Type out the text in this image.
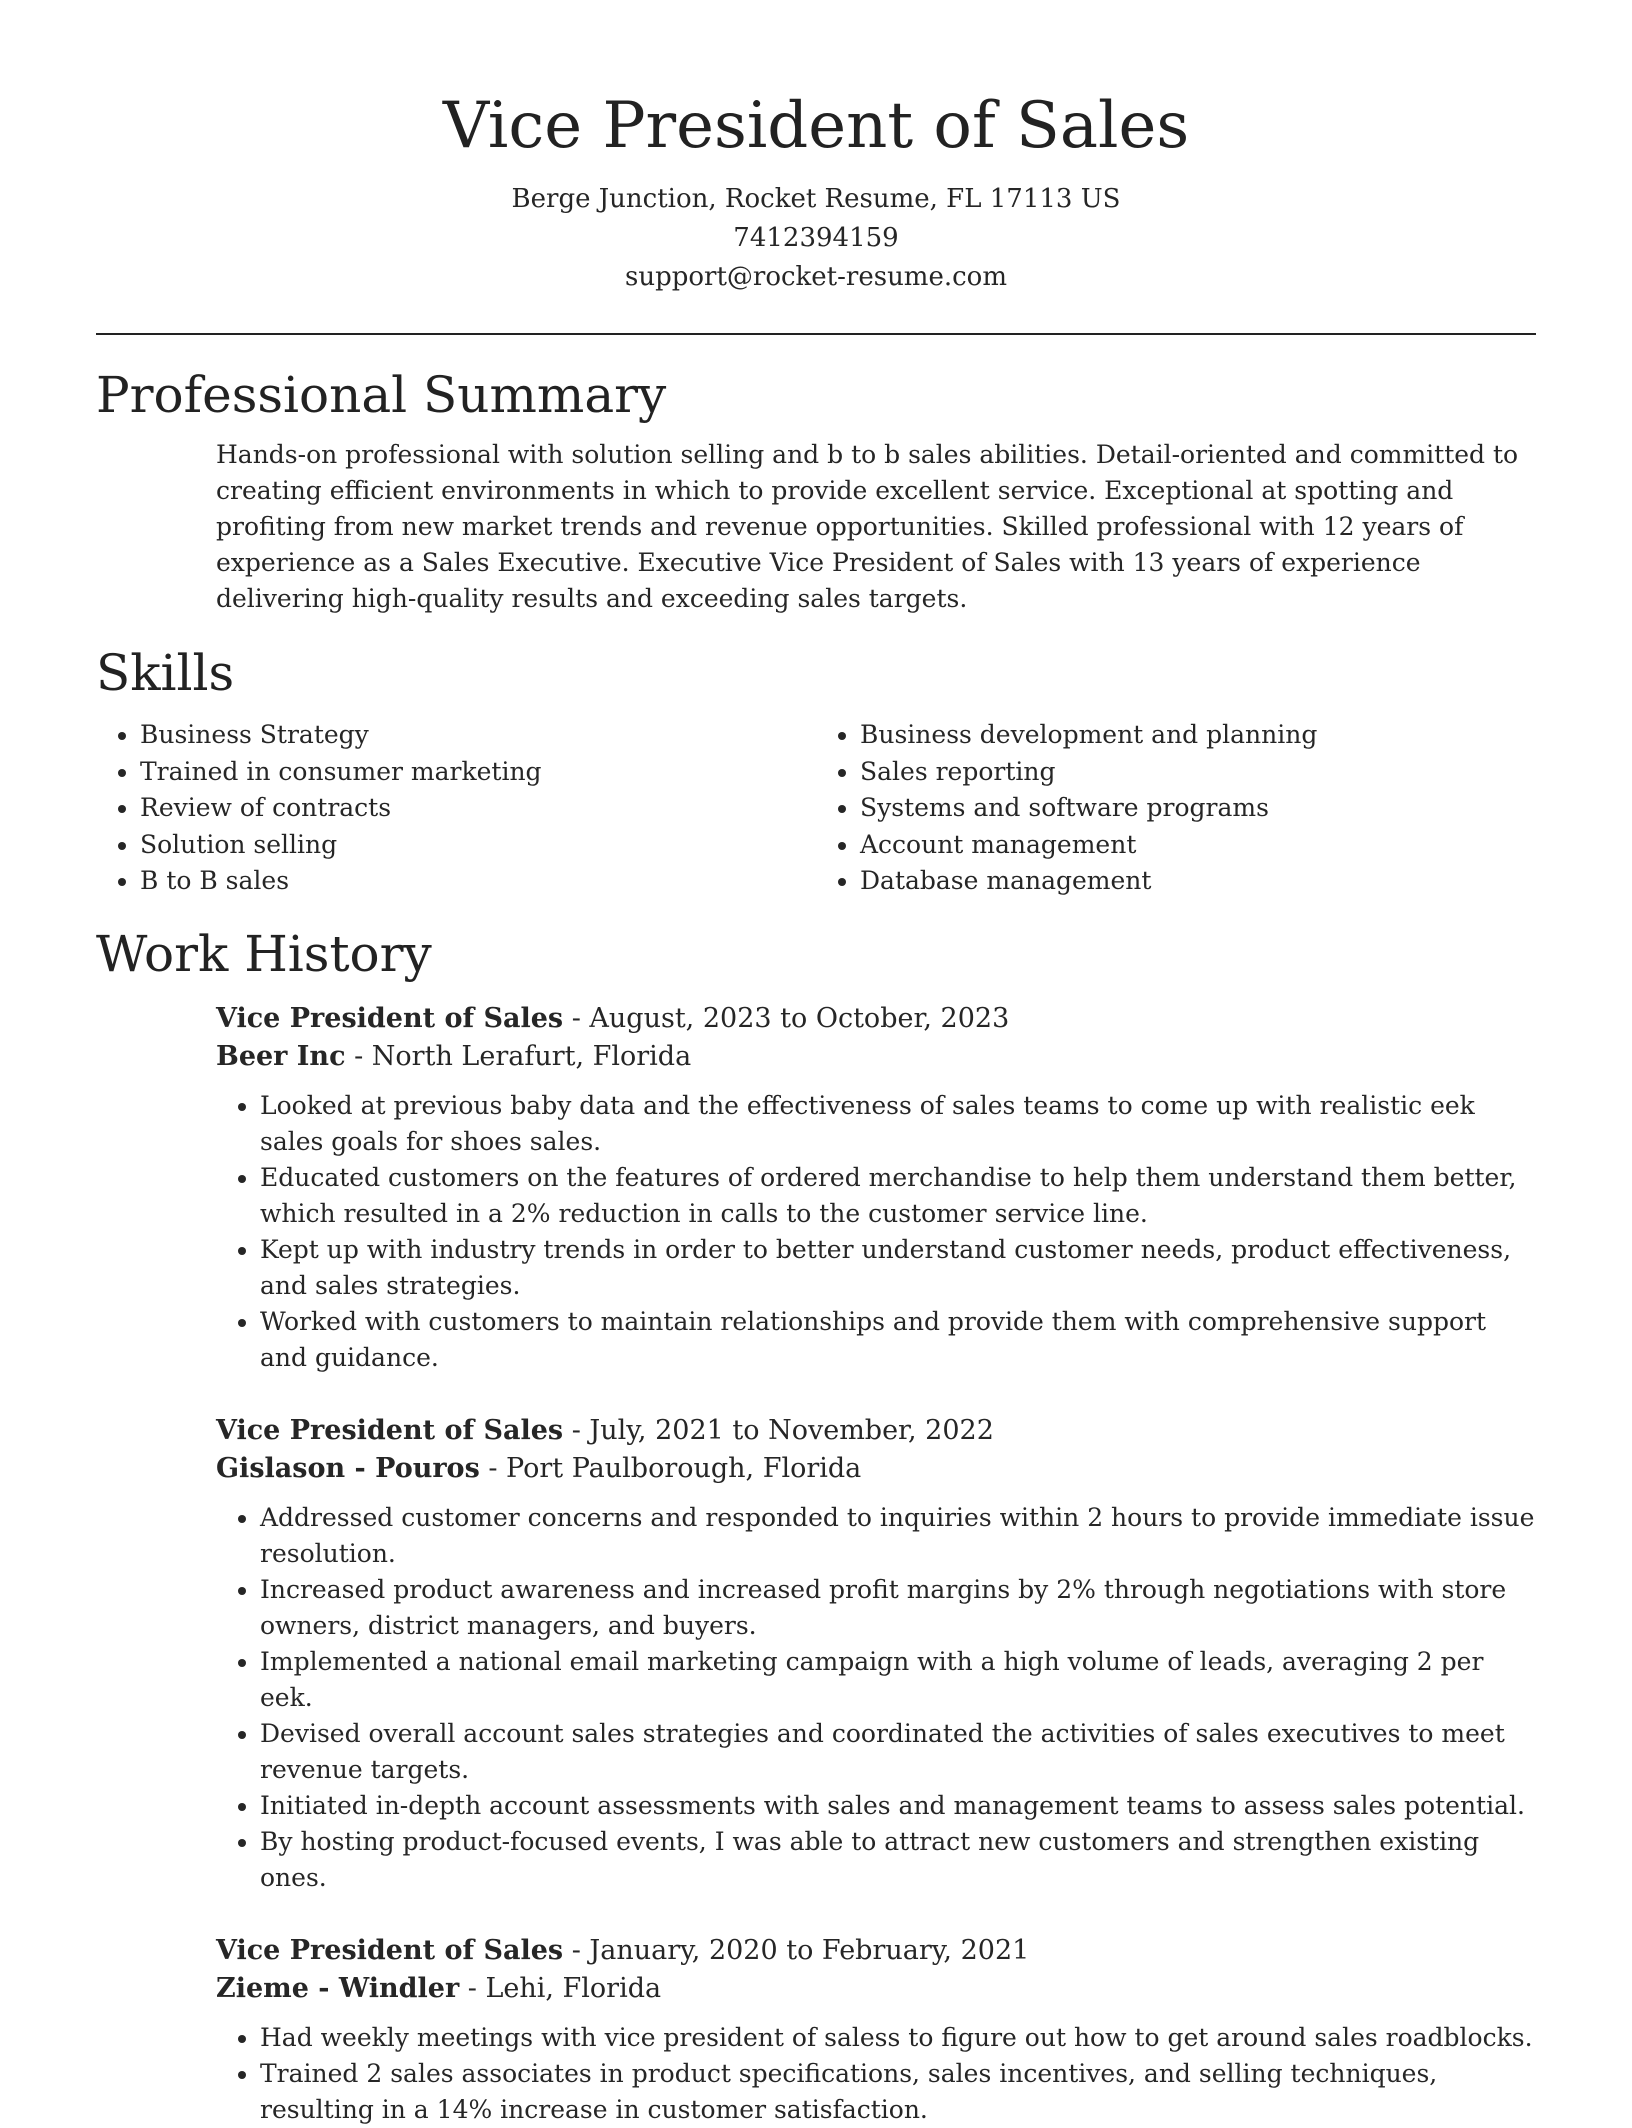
Vice President of Sales

Berge Junction, Rocket Resume, FL 17113 US

7412394159

support@rocket-resume.com

Professional Summary

Hands-on professional with solution selling and b to b sales abilities. Detail-oriented and committed to creating efficient environments in which to provide excellent service. Exceptional at spotting and profiting from new market trends and revenue opportunities. Skilled professional with 12 years of experience as a Sales Executive. Executive Vice President of Sales with 13 years of experience delivering high-quality results and exceeding sales targets.

Skills
• Business Strategy
• Trained in consumer marketing
• Review of contracts
• Solution selling
• B to B sales
• Business development and planning
• Sales reporting
• Systems and software programs
• Account management
• Database management
Work History

Vice President of Sales - August, 2023 to October, 2023

Beer Inc - North Lerafurt, Florida

• Looked at previous baby data and the effectiveness of sales teams to come up with realistic eek sales goals for shoes sales.
• Educated customers on the features of ordered merchandise to help them understand them better, which resulted in a 2% reduction in calls to the customer service line.
• Kept up with industry trends in order to better understand customer needs, product effectiveness, and sales strategies.
• Worked with customers to maintain relationships and provide them with comprehensive support and guidance.

Vice President of Sales - July, 2021 to November, 2022

Gislason - Pouros - Port Paulborough, Florida

• Addressed customer concerns and responded to inquiries within 2 hours to provide immediate issue resolution.
• Increased product awareness and increased profit margins by 2% through negotiations with store owners, district managers, and buyers.
• Implemented a national email marketing campaign with a high volume of leads, averaging 2 per eek.
• Devised overall account sales strategies and coordinated the activities of sales executives to meet revenue targets.
• Initiated in-depth account assessments with sales and management teams to assess sales potential.
• By hosting product-focused events, I was able to attract new customers and strengthen existing ones.

Vice President of Sales - January, 2020 to February, 2021

Zieme - Windler - Lehi, Florida

• Had weekly meetings with vice president of saless to figure out how to get around sales roadblocks.
• Trained 2 sales associates in product specifications, sales incentives, and selling techniques, resulting in a 14% increase in customer satisfaction.
